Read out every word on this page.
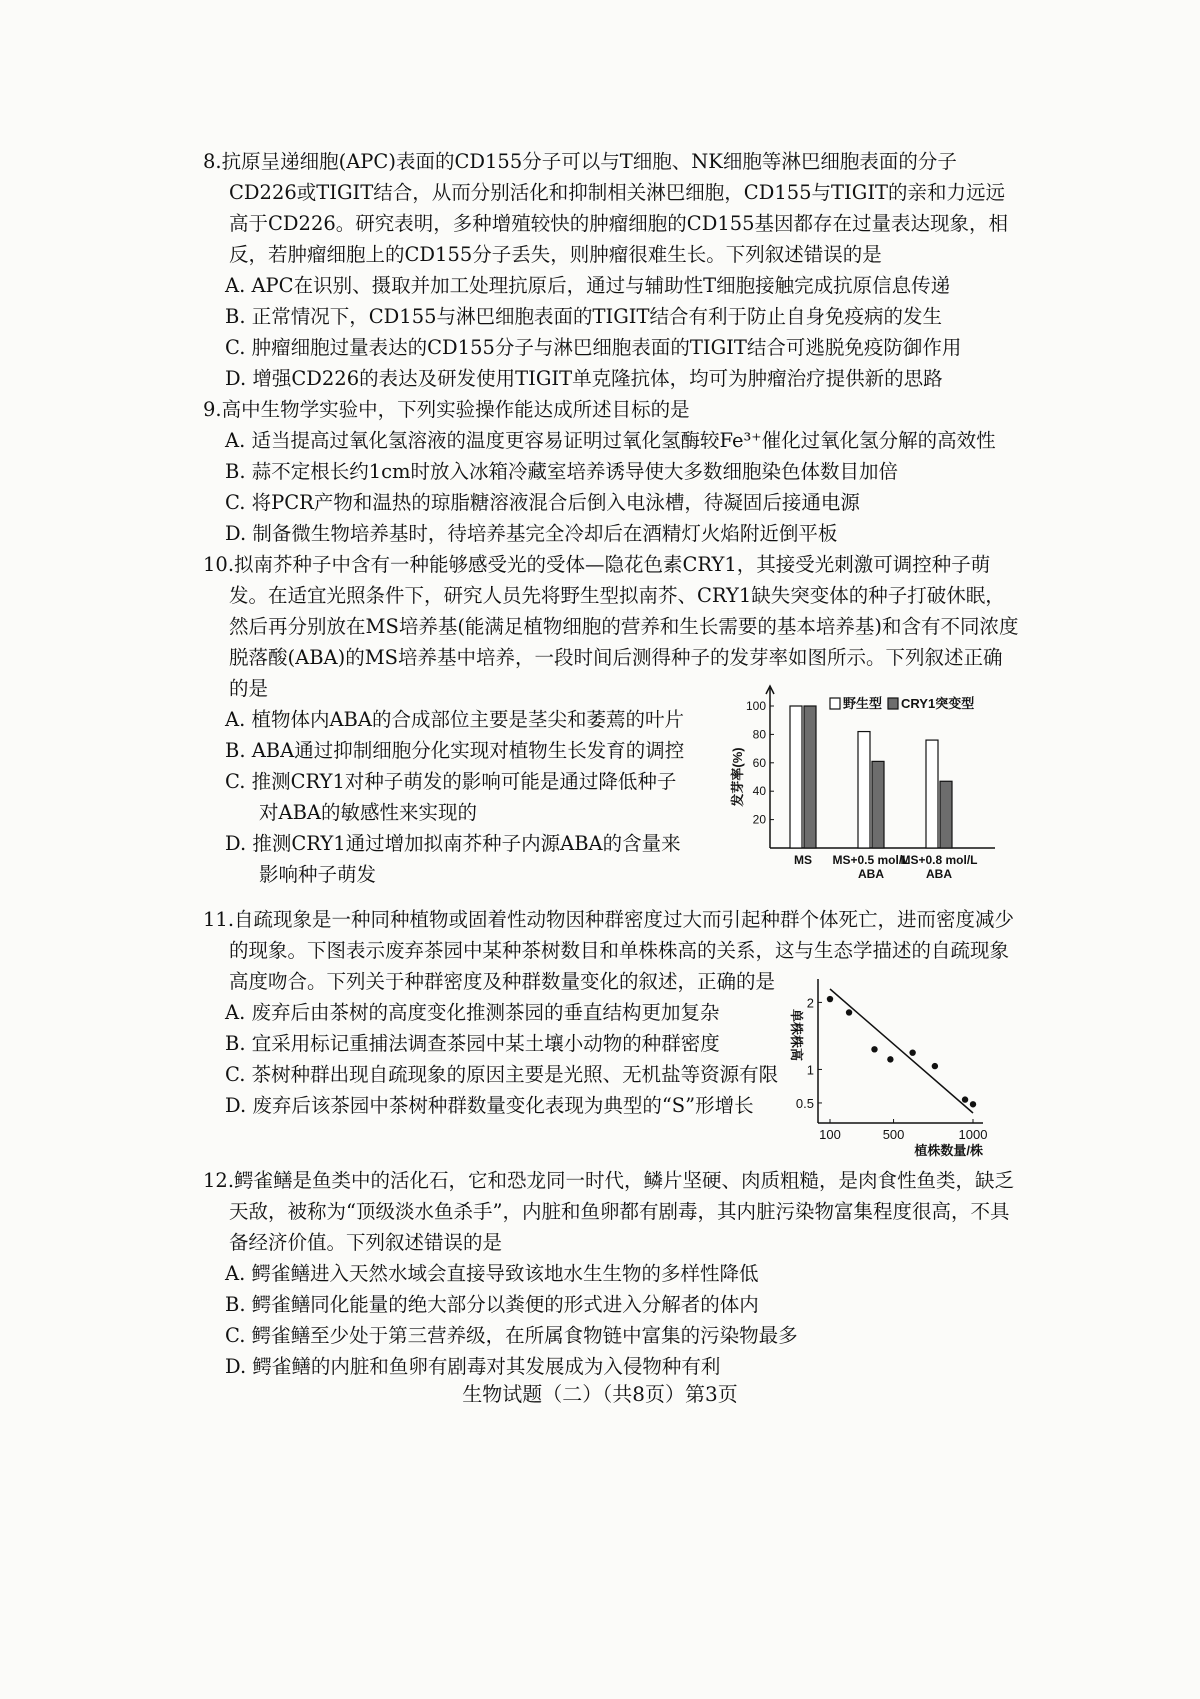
8.抗原呈递细胞(APC)表面的CD155分子可以与T细胞、NK细胞等淋巴细胞表面的分子CD226或TIGIT结合，从而分别活化和抑制相关淋巴细胞，CD155与TIGIT的亲和力远远高于CD226。研究表明，多种增殖较快的肿瘤细胞的CD155基因都存在过量表达现象，相反，若肿瘤细胞上的CD155分子丢失，则肿瘤很难生长。下列叙述错误的是

A. APC在识别、摄取并加工处理抗原后，通过与辅助性T细胞接触完成抗原信息传递

B. 正常情况下，CD155与淋巴细胞表面的TIGIT结合有利于防止自身免疫病的发生

C. 肿瘤细胞过量表达的CD155分子与淋巴细胞表面的TIGIT结合可逃脱免疫防御作用

D. 增强CD226的表达及研发使用TIGIT单克隆抗体，均可为肿瘤治疗提供新的思路

9.高中生物学实验中，下列实验操作能达成所述目标的是

A. 适当提高过氧化氢溶液的温度更容易证明过氧化氢酶较Fe³⁺催化过氧化氢分解的高效性

B. 蒜不定根长约1cm时放入冰箱冷藏室培养诱导使大多数细胞染色体数目加倍

C. 将PCR产物和温热的琼脂糖溶液混合后倒入电泳槽，待凝固后接通电源

D. 制备微生物培养基时，待培养基完全冷却后在酒精灯火焰附近倒平板

10.拟南芥种子中含有一种能够感受光的受体—隐花色素CRY1，其接受光刺激可调控种子萌发。在适宜光照条件下，研究人员先将野生型拟南芥、CRY1缺失突变体的种子打破休眠，然后再分别放在MS培养基(能满足植物细胞的营养和生长需要的基本培养基)和含有不同浓度脱落酸(ABA)的MS培养基中培养，一段时间后测得种子的发芽率如图所示。下列叙述正确的是

A. 植物体内ABA的合成部位主要是茎尖和萎蔫的叶片

B. ABA通过抑制细胞分化实现对植物生长发育的调控

C. 推测CRY1对种子萌发的影响可能是通过降低种子

对ABA的敏感性来实现的

D. 推测CRY1通过增加拟南芥种子内源ABA的含量来

影响种子萌发

100
80
60
40
20
发芽率(%)
MS MS+0.5 mol/L
ABA
MS+0.8 mol/L
ABA
野生型 CRY1突变型

11.自疏现象是一种同种植物或固着性动物因种群密度过大而引起种群个体死亡，进而密度减少的现象。下图表示废弃茶园中某种茶树数目和单株株高的关系，这与生态学描述的自疏现象高度吻合。下列关于种群密度及种群数量变化的叙述，正确的是

A. 废弃后由茶树的高度变化推测茶园的垂直结构更加复杂

B. 宜采用标记重捕法调查茶园中某土壤小动物的种群密度

C. 茶树种群出现自疏现象的原因主要是光照、无机盐等资源有限

D. 废弃后该茶园中茶树种群数量变化表现为典型的“S”形增长

2
1
0.5
100	500	1000
单株株高
植株数量/株

12.鳄雀鳝是鱼类中的活化石，它和恐龙同一时代，鳞片坚硬、肉质粗糙，是肉食性鱼类，缺乏天敌，被称为“顶级淡水鱼杀手”，内脏和鱼卵都有剧毒，其内脏污染物富集程度很高，不具备经济价值。下列叙述错误的是

A. 鳄雀鳝进入天然水域会直接导致该地水生生物的多样性降低

B. 鳄雀鳝同化能量的绝大部分以粪便的形式进入分解者的体内

C. 鳄雀鳝至少处于第三营养级，在所属食物链中富集的污染物最多

D. 鳄雀鳝的内脏和鱼卵有剧毒对其发展成为入侵物种有利

生物试题（二）（共8页）第3页
